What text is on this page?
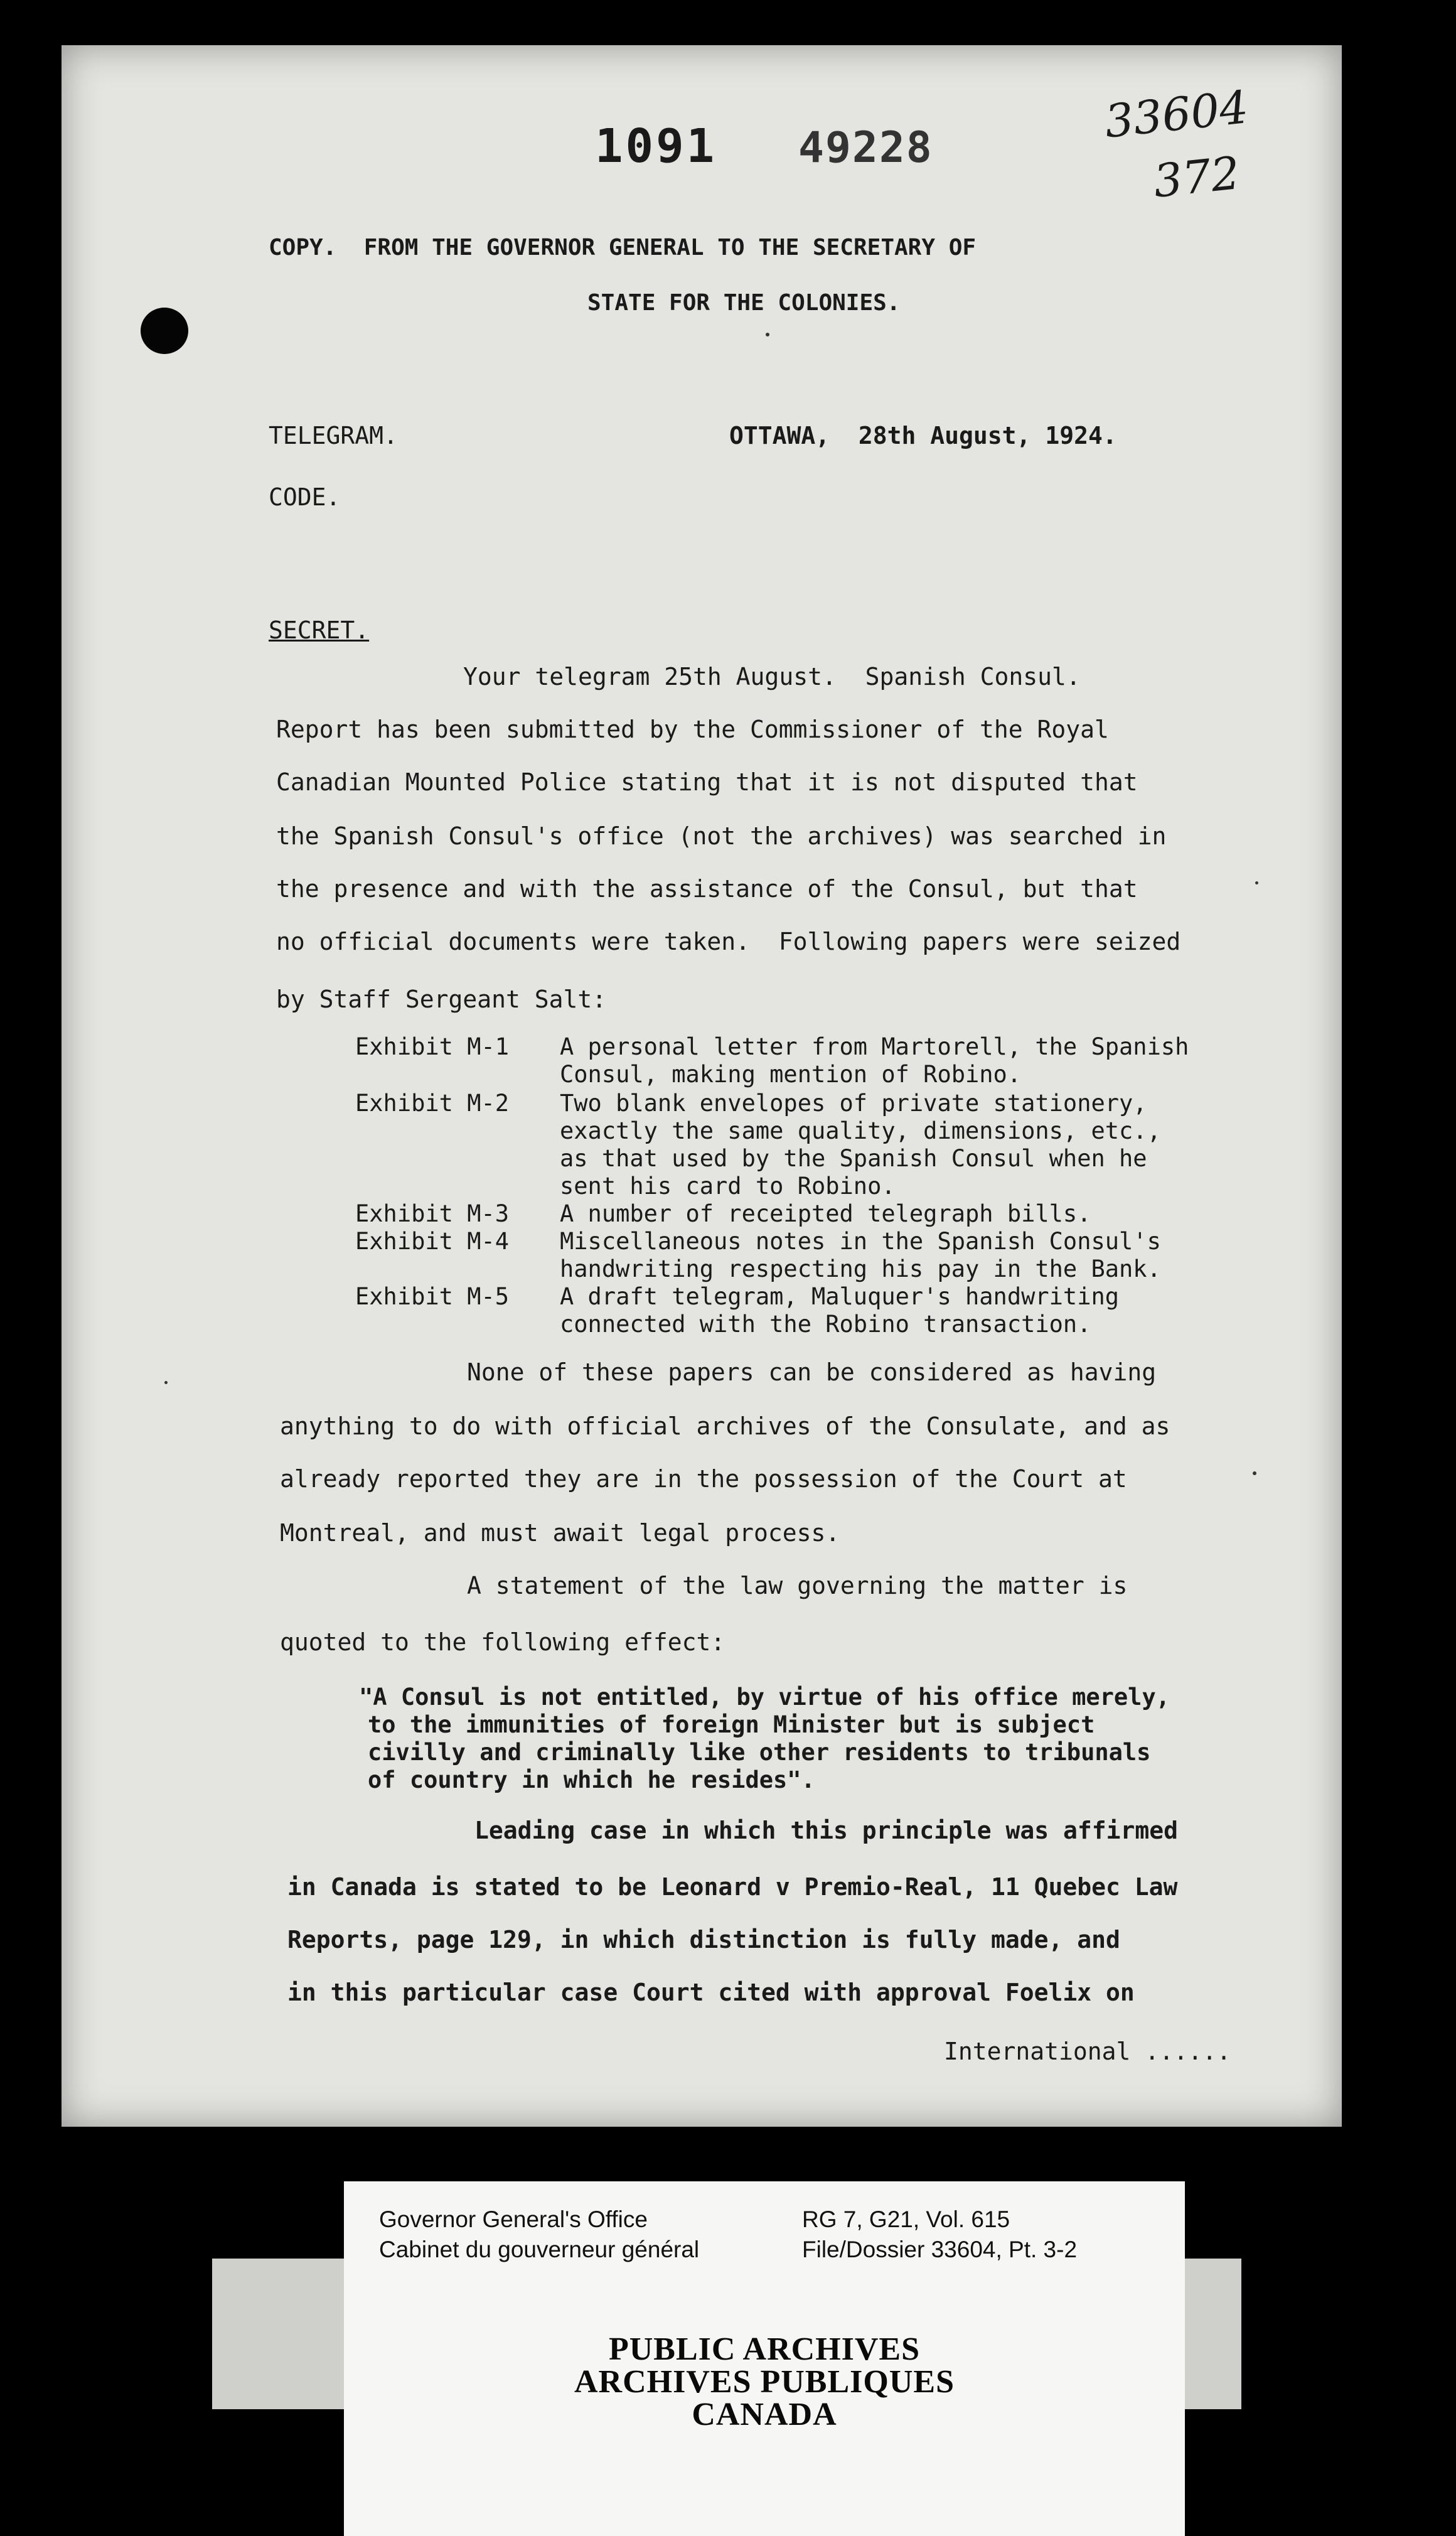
1091 49228	33604
372
COPY.  FROM THE GOVERNOR GENERAL TO THE SECRETARY OF
STATE FOR THE COLONIES.
TELEGRAM.	OTTAWA,  28th August, 1924.
CODE.
SECRET.
Your telegram 25th August.  Spanish Consul.
Report has been submitted by the Commissioner of the Royal
Canadian Mounted Police stating that it is not disputed that
the Spanish Consul's office (not the archives) was searched in
the presence and with the assistance of the Consul, but that
no official documents were taken.  Following papers were seized
by Staff Sergeant Salt:
Exhibit M-1 A personal letter from Martorell, the Spanish
Consul, making mention of Robino.
Exhibit M-2 Two blank envelopes of private stationery,
exactly the same quality, dimensions, etc.,
as that used by the Spanish Consul when he
sent his card to Robino.
Exhibit M-3 A number of receipted telegraph bills.
Exhibit M-4 Miscellaneous notes in the Spanish Consul's
handwriting respecting his pay in the Bank.
Exhibit M-5 A draft telegram, Maluquer's handwriting
connected with the Robino transaction.
None of these papers can be considered as having
anything to do with official archives of the Consulate, and as
already reported they are in the possession of the Court at
Montreal, and must await legal process.
A statement of the law governing the matter is
quoted to the following effect:
"A Consul is not entitled, by virtue of his office merely,
to the immunities of foreign Minister but is subject
civilly and criminally like other residents to tribunals
of country in which he resides".
Leading case in which this principle was affirmed
in Canada is stated to be Leonard v Premio-Real, 11 Quebec Law
Reports, page 129, in which distinction is fully made, and
in this particular case Court cited with approval Foelix on
International ......
Governor General's Office
Cabinet du gouverneur général
RG 7, G21, Vol. 615
File/Dossier 33604, Pt. 3-2
PUBLIC ARCHIVES
ARCHIVES PUBLIQUES
CANADA
